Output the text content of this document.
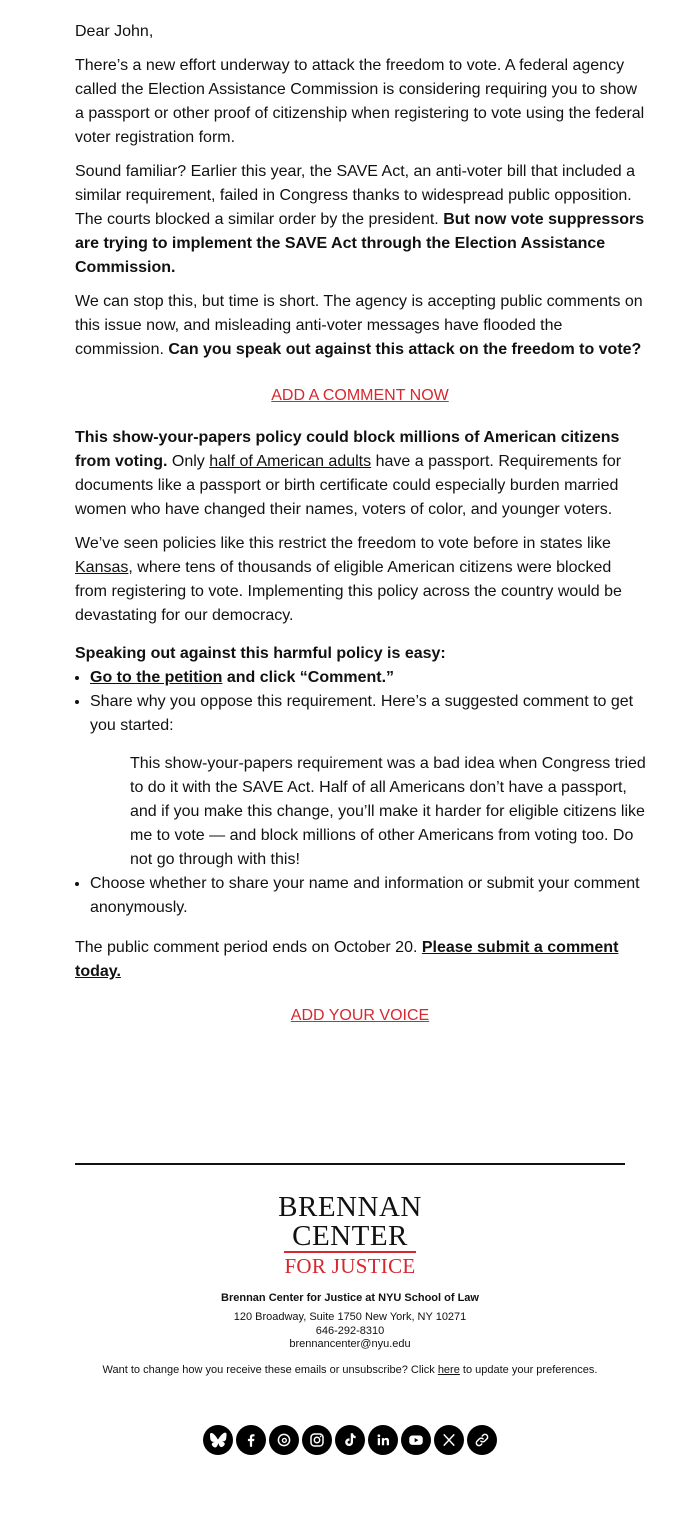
Dear John,

There’s a new effort underway to attack the freedom to vote. A federal agency called the Election Assistance Commission is considering requiring you to show a passport or other proof of citizenship when registering to vote using the federal voter registration form.

Sound familiar? Earlier this year, the SAVE Act, an anti-voter bill that included a similar requirement, failed in Congress thanks to widespread public opposition. The courts blocked a similar order by the president. But now vote suppressors are trying to implement the SAVE Act through the Election Assistance Commission.

We can stop this, but time is short. The agency is accepting public comments on this issue now, and misleading anti-voter messages have flooded the commission. Can you speak out against this attack on the freedom to vote?

ADD A COMMENT NOW

This show-your-papers policy could block millions of American citizens from voting. Only half of American adults have a passport. Requirements for documents like a passport or birth certificate could especially burden married women who have changed their names, voters of color, and younger voters.

We’ve seen policies like this restrict the freedom to vote before in states like Kansas, where tens of thousands of eligible American citizens were blocked from registering to vote. Implementing this policy across the country would be devastating for our democracy.

Speaking out against this harmful policy is easy:
• Go to the petition and click “Comment.”
• Share why you oppose this requirement. Here’s a suggested comment to get you started:
This show-your-papers requirement was a bad idea when Congress tried to do it with the SAVE Act. Half of all Americans don’t have a passport, and if you make this change, you’ll make it harder for eligible citizens like me to vote — and block millions of other Americans from voting too. Do not go through with this!
• Choose whether to share your name and information or submit your comment anonymously.

The public comment period ends on October 20. Please submit a comment today.

ADD YOUR VOICE
BRENNAN
CENTER
FOR JUSTICE
Brennan Center for Justice at NYU School of Law
120 Broadway, Suite 1750 New York, NY 10271
646-292-8310
brennancenter@nyu.edu
Want to change how you receive these emails or unsubscribe? Click here to update your preferences.
